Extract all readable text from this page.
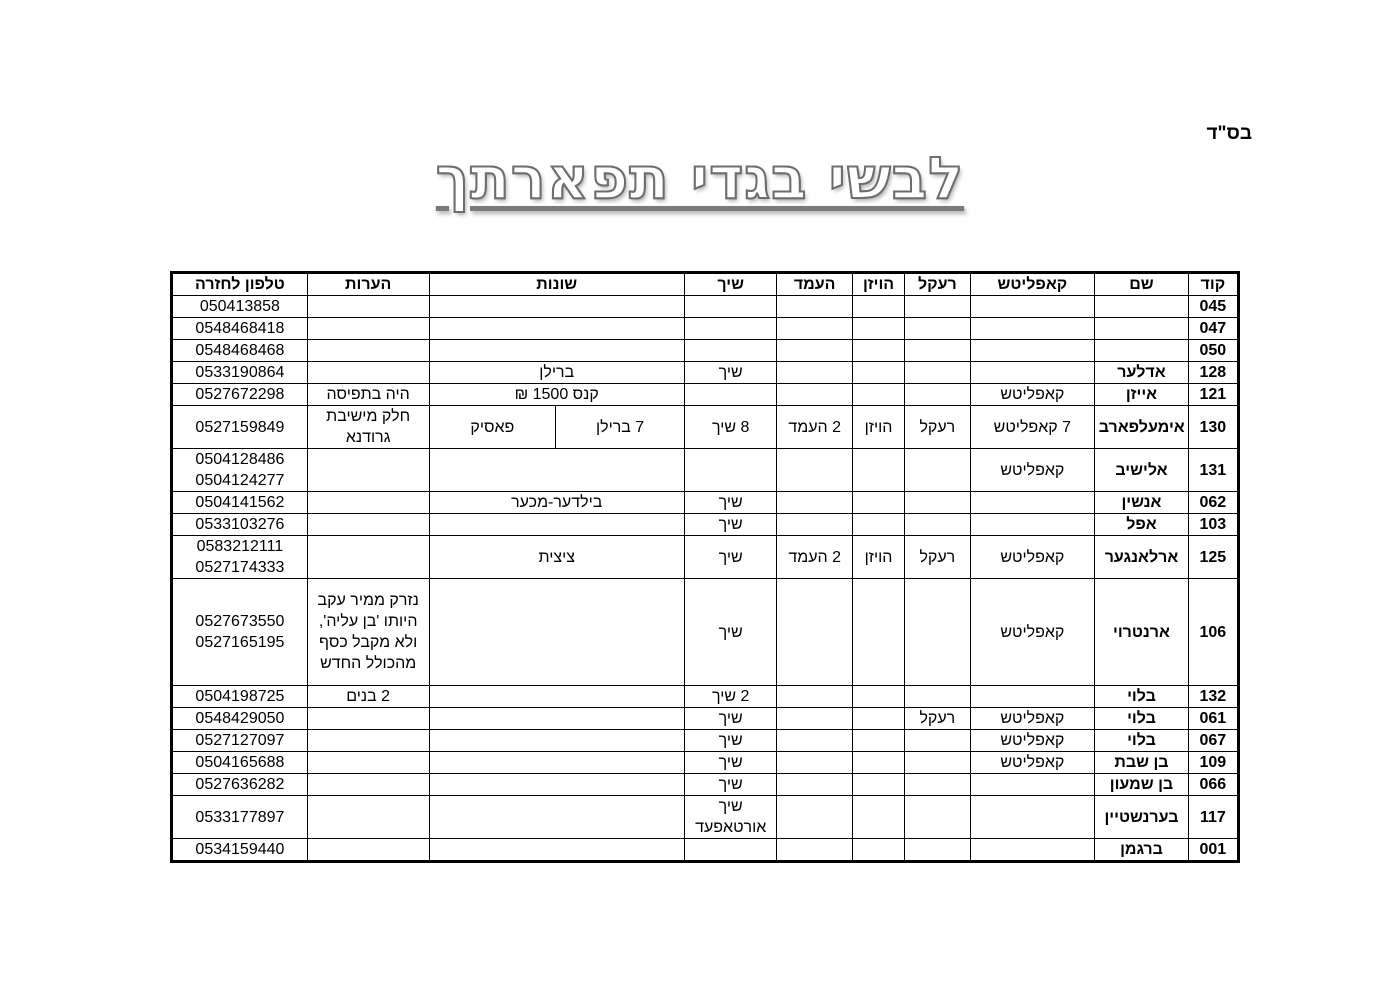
בס"ד
לבשי בגדי תפארתך
קוד	שם	קאפליטש	רעקל	הויזן	העמד	שיך	שונות		הערות	טלפון לחזרה
045										050413858

047										0548468418

050										0548468468

128	אדלער					שיך	ברילן			0533190864

121	אייזן	קאפליטש					קנס 1500 ₪		היה בתפיסה	0527672298

130	אימעלפארב	7 קאפליטש	רעקל	הויזן	2 העמד	8 שיך	7 ברילן	פאסיק	חלק מישיבת גרודנא	0527159849

131	אלישיב	קאפליטש								0504128486
0504124277

062	אנשין					שיך	בילדער-מכער			0504141562

103	אפל					שיך				0533103276

125	ארלאנגער	קאפליטש	רעקל	הויזן	2 העמד	שיך	ציצית			0583212111
0527174333

106	ארנטרוי	קאפליטש				שיך			נזרק ממיר עקב היותו 'בן עליה', ולא מקבל כסף מהכולל החדש	0527673550
0527165195

132	בלוי					2 שיך			2 בנים	0504198725

061	בלוי	קאפליטש	רעקל			שיך				0548429050

067	בלוי	קאפליטש				שיך				0527127097

109	בן שבת	קאפליטש				שיך				0504165688

066	בן שמעון					שיך				0527636282

117	בערנשטיין					שיך אורטאפעד				0533177897

001	ברגמן									0534159440
